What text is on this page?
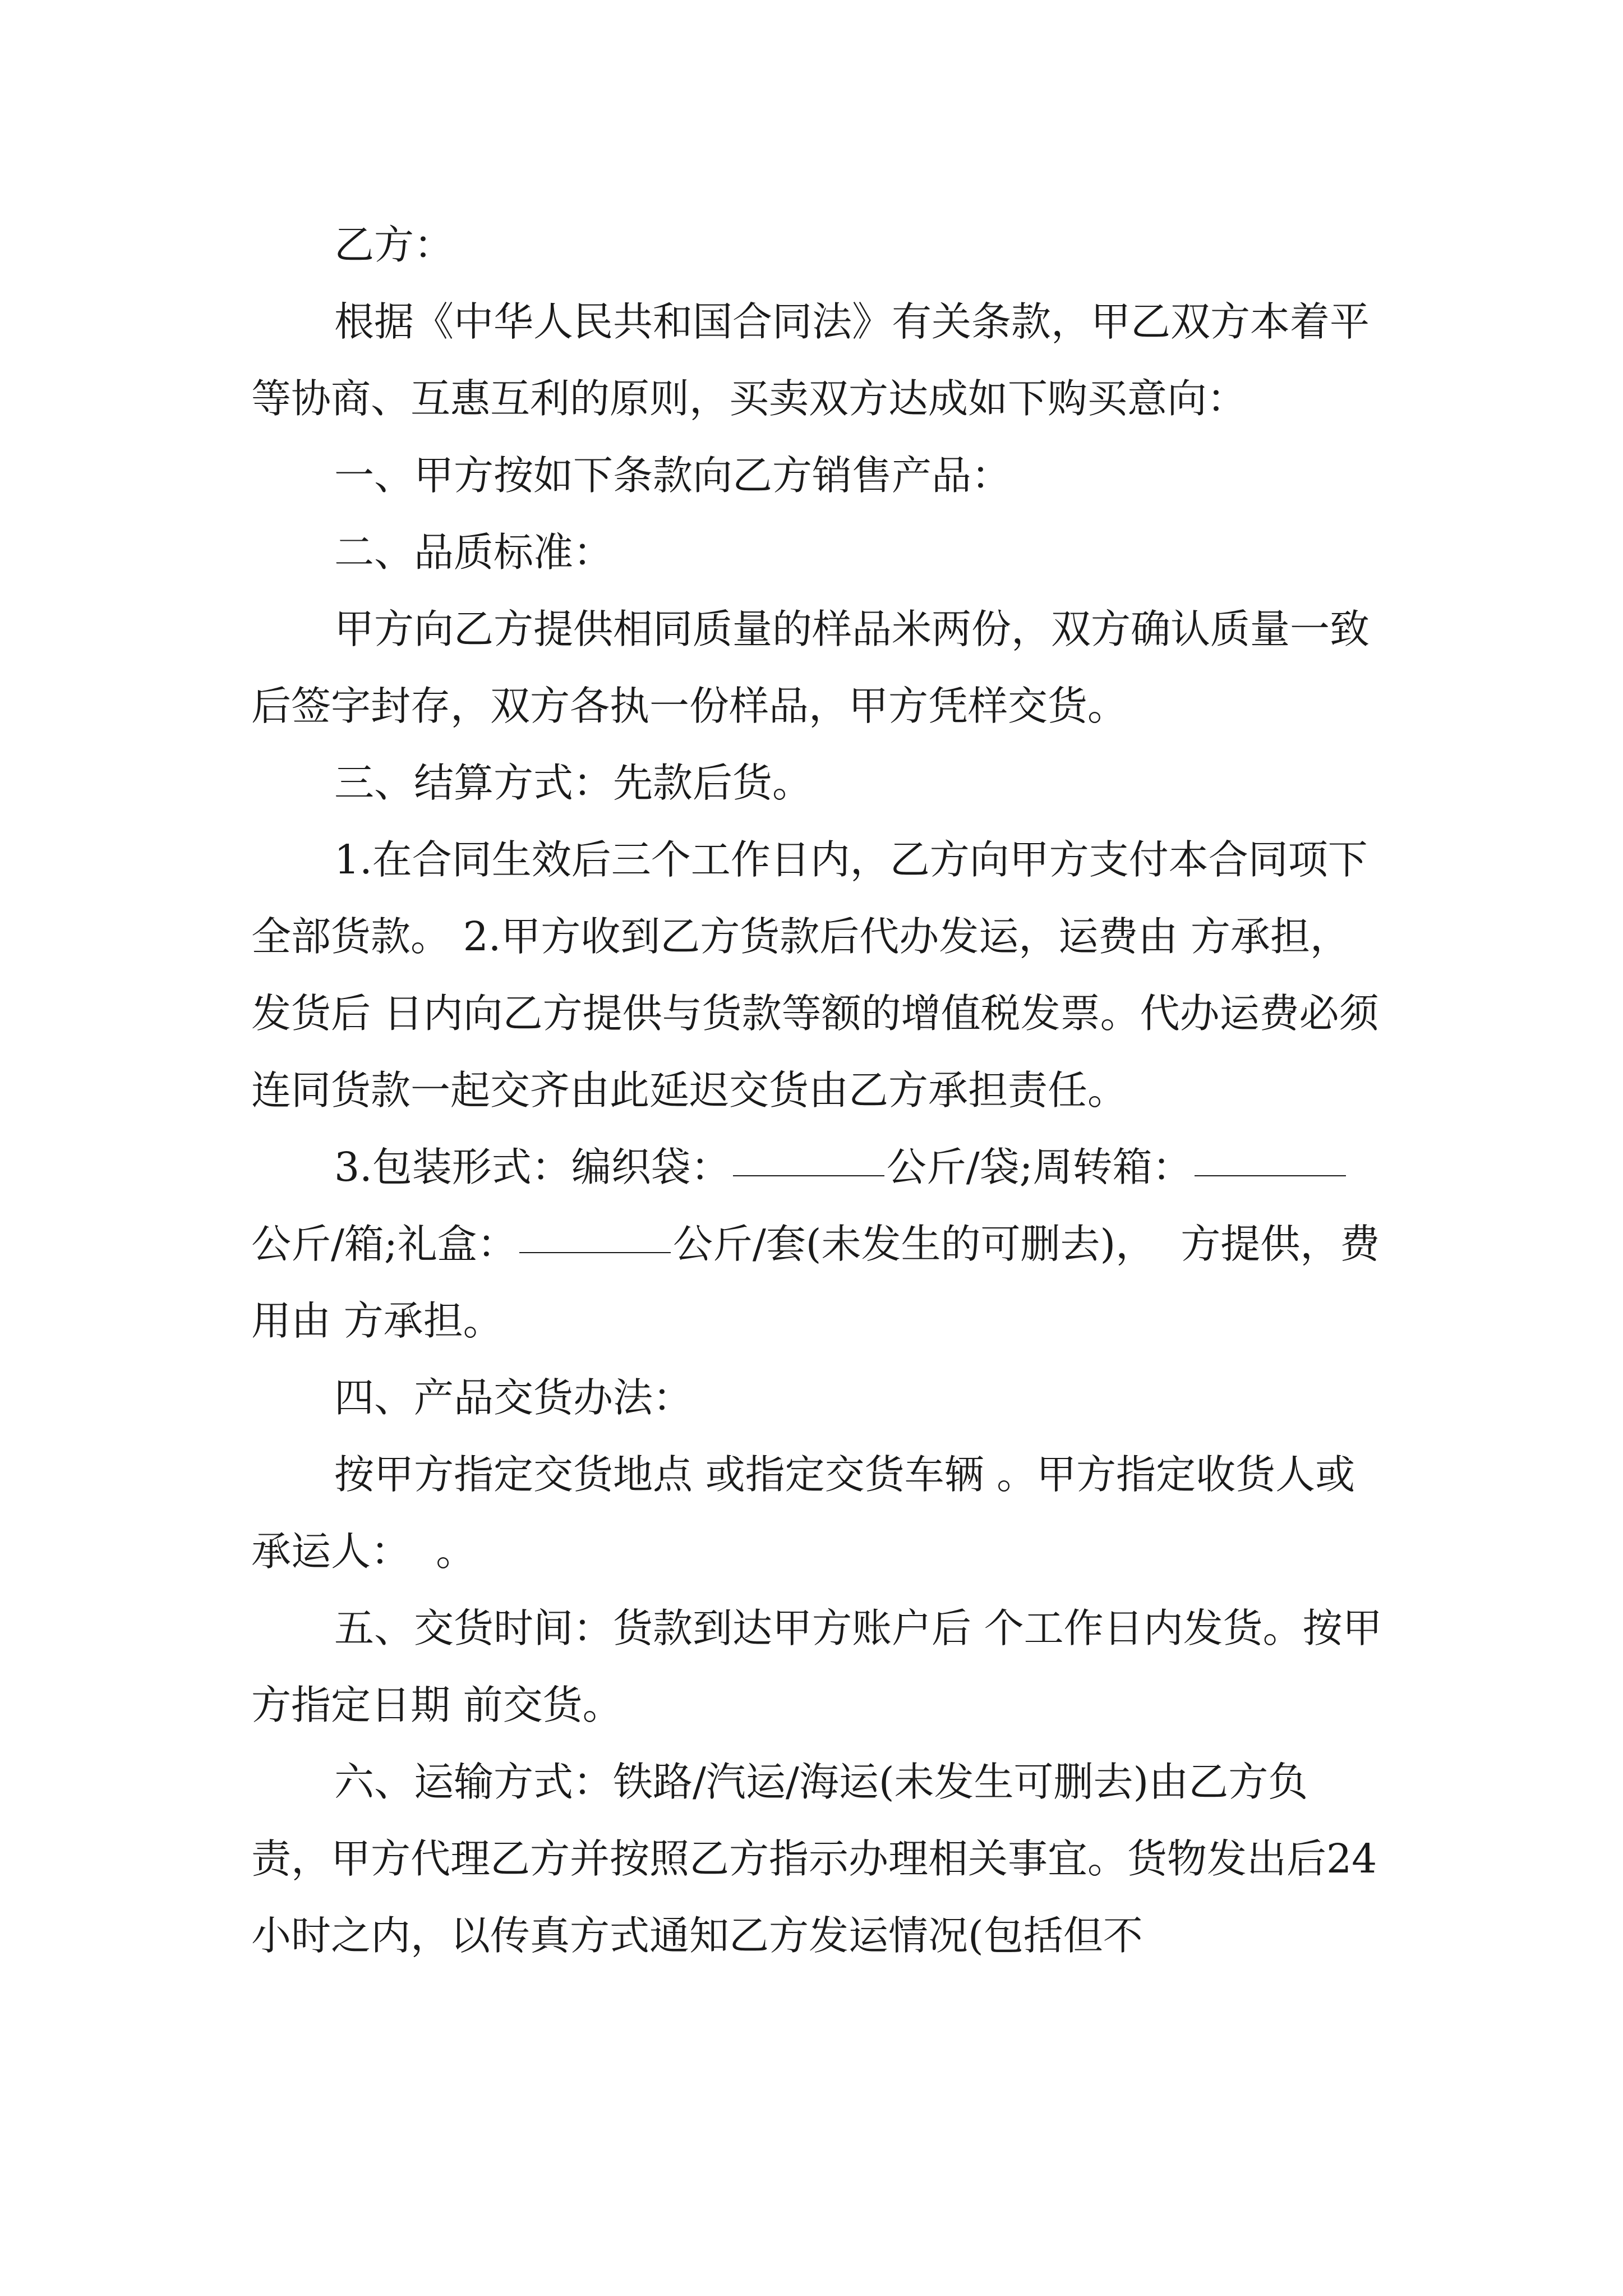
乙方：

根据《中华人民共和国合同法》有关条款，甲乙双方本着平等协商、互惠互利的原则，买卖双方达成如下购买意向：

一、甲方按如下条款向乙方销售产品：

二、品质标准：

甲方向乙方提供相同质量的样品米两份，双方确认质量一致后签字封存，双方各执一份样品，甲方凭样交货。

三、结算方式：先款后货。

1.在合同生效后三个工作日内，乙方向甲方支付本合同项下全部货款。 2.甲方收到乙方货款后代办发运，运费由 方承担，发货后 日内向乙方提供与货款等额的增值税发票。代办运费必须连同货款一起交齐由此延迟交货由乙方承担责任。

3.包装形式：编织袋：	公斤/袋;周转箱：公斤/箱;礼盒：	公斤/套(未发生的可删去)，  方提供，费用由 方承担。

四、产品交货办法：

按甲方指定交货地点 或指定交货车辆 。甲方指定收货人或承运人：  。

五、交货时间：货款到达甲方账户后 个工作日内发货。按甲方指定日期 前交货。

六、运输方式：铁路/汽运/海运(未发生可删去)由乙方负责，甲方代理乙方并按照乙方指示办理相关事宜。货物发出后24小时之内，以传真方式通知乙方发运情况(包括但不
